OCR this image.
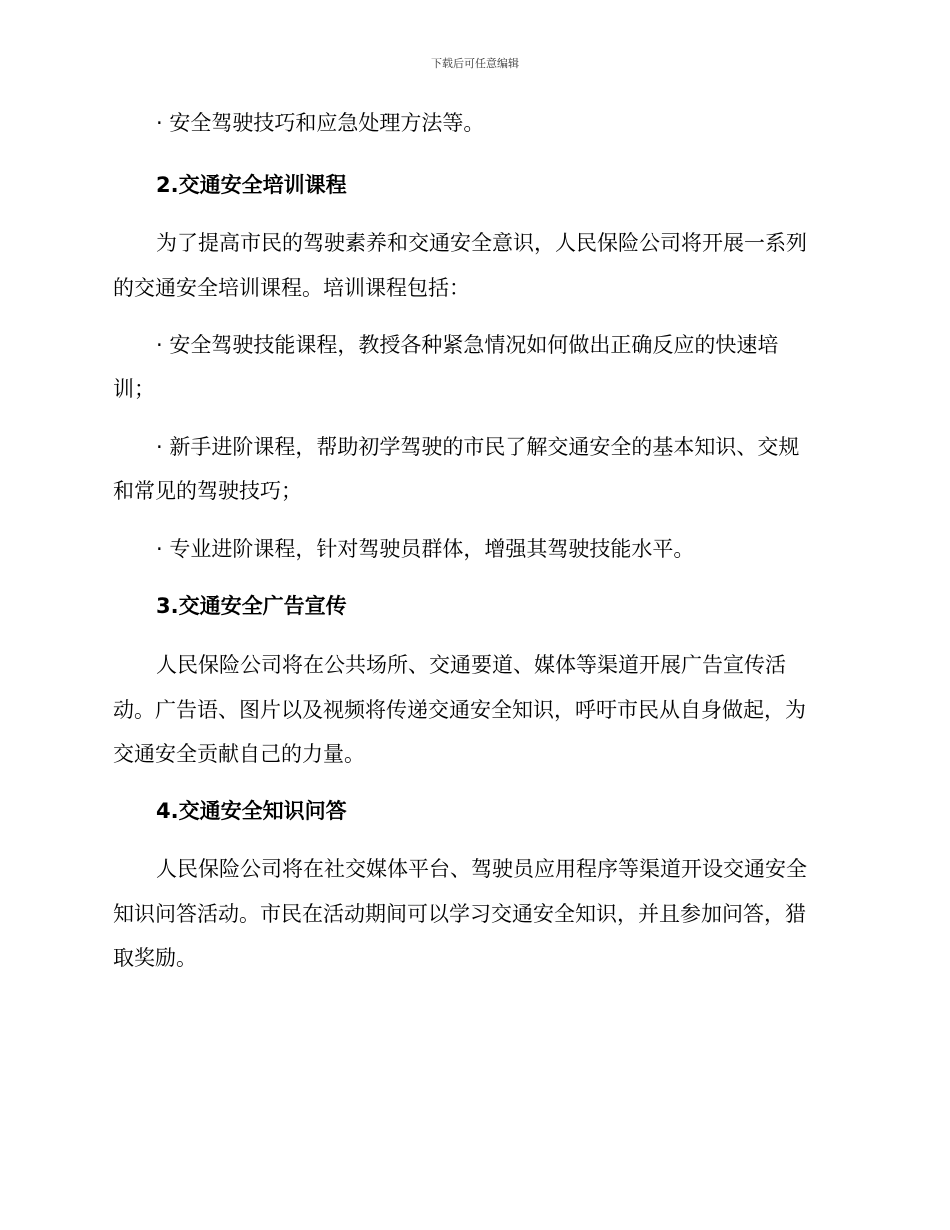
下载后可任意编辑

· 安全驾驶技巧和应急处理方法等。

2.交通安全培训课程

为了提高市民的驾驶素养和交通安全意识，人民保险公司将开展一系列

的交通安全培训课程。培训课程包括：

· 安全驾驶技能课程，教授各种紧急情况如何做出正确反应的快速培

训；

· 新手进阶课程，帮助初学驾驶的市民了解交通安全的基本知识、交规

和常见的驾驶技巧；

· 专业进阶课程，针对驾驶员群体，增强其驾驶技能水平。

3.交通安全广告宣传

人民保险公司将在公共场所、交通要道、媒体等渠道开展广告宣传活

动。广告语、图片以及视频将传递交通安全知识，呼吁市民从自身做起，为

交通安全贡献自己的力量。

4.交通安全知识问答

人民保险公司将在社交媒体平台、驾驶员应用程序等渠道开设交通安全

知识问答活动。市民在活动期间可以学习交通安全知识，并且参加问答，猎

取奖励。
